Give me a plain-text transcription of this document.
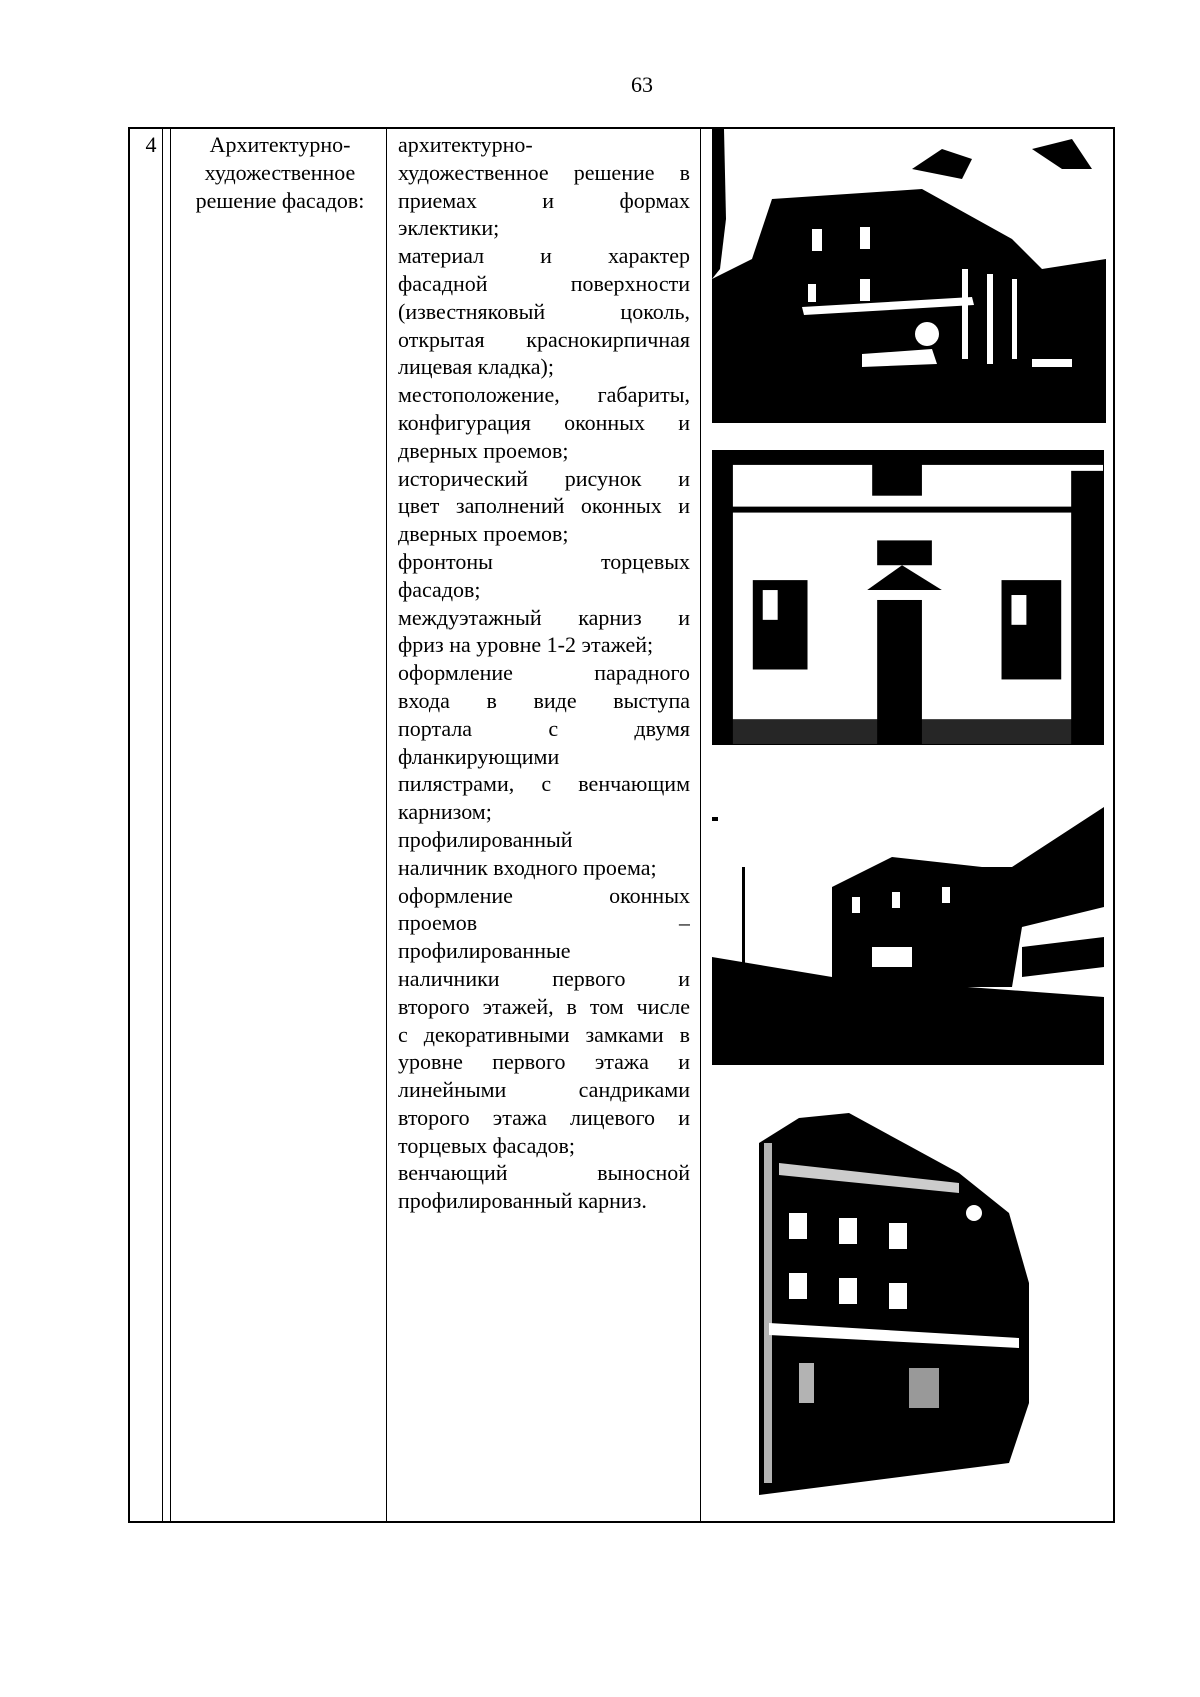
63
4	Архитектурно-
художественное
решение фасадов:
архитектурно-
художественное решение в
приемах и формах
эклектики;
материал и характер
фасадной поверхности
(известняковый цоколь,
открытая краснокирпичная
лицевая кладка);
местоположение, габариты,
конфигурация оконных и
дверных проемов;
исторический рисунок и
цвет заполнений оконных и
дверных проемов;
фронтоны торцевых
фасадов;
междуэтажный карниз и
фриз на уровне 1-2 этажей;
оформление парадного
входа в виде выступа
портала с двумя
фланкирующими
пилястрами, с венчающим
карнизом;
профилированный
наличник входного проема;
оформление оконных
проемов –
профилированные
наличники первого и
второго этажей, в том числе
с декоративными замками в
уровне первого этажа и
линейными сандриками
второго этажа лицевого и
торцевых фасадов;
венчающий выносной
профилированный карниз.
